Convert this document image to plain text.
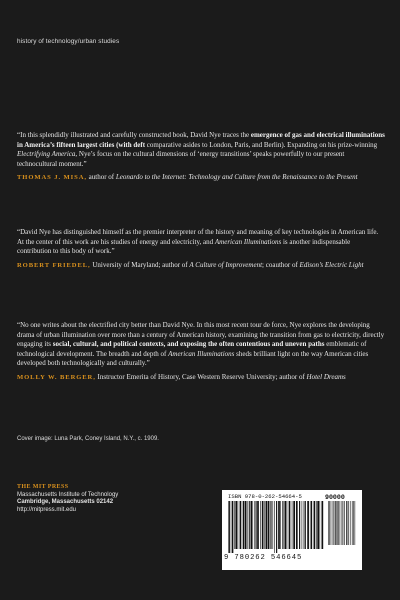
history of technology/urban studies

“In this splendidly illustrated and carefully constructed book, David Nye traces the emergence of gas and electrical illuminations in America’s fifteen largest cities (with deft comparative asides to London, Paris, and Berlin). Expanding on his prize-winning Electrifying America, Nye’s focus on the cultural dimensions of ‘energy transitions’ speaks powerfully to our present technocultural moment.”

THOMAS J. MISA, author of Leonardo to the Internet: Technology and Culture from the Renaissance to the Present

“David Nye has distinguished himself as the premier interpreter of the history and meaning of key technologies in American life. At the center of this work are his studies of energy and electricity, and American Illuminations is another indispensable contribution to this body of work.”

ROBERT FRIEDEL, University of Maryland; author of A Culture of Improvement; coauthor of Edison’s Electric Light

“No one writes about the electrified city better than David Nye. In this most recent tour de force, Nye explores the developing drama of urban illumination over more than a century of American history, examining the transition from gas to electricity, directly engaging its social, cultural, and political contexts, and exposing the often contentious and uneven paths emblematic of technological development. The breadth and depth of American Illuminations sheds brilliant light on the way American cities developed both technologically and culturally.”

MOLLY W. BERGER, Instructor Emerita of History, Case Western Reserve University; author of Hotel Dreams

Cover image: Luna Park, Coney Island, N.Y., c. 1909.
THE MIT PRESS
Massachusetts Institute of Technology
Cambridge, Massachusetts 02142
http://mitpress.mit.edu
ISBN 978-0-262-54664-5	90000
9 780262 546645
